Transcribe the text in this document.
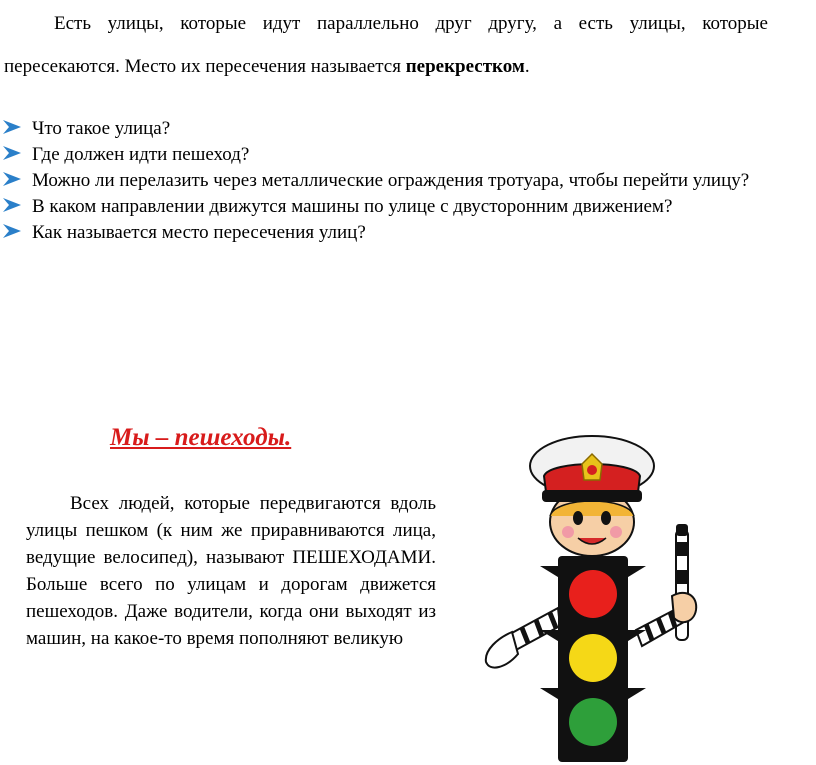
Есть улицы, которые идут параллельно друг другу, а есть улицы, которые пересекаются. Место их пересечения называется перекрестком.

Что такое улица?
Где должен идти пешеход?
Можно ли перелазить через металлические ограждения тротуара, чтобы перейти улицу?
В каком направлении движутся машины по улице с двусторонним движением?
Как называется место пересечения улиц?
Мы – пешеходы.

Всех людей, которые передвигаются вдоль улицы пешком (к ним же приравниваются лица, ведущие велосипед), называют ПЕШЕХОДАМИ. Больше всего по улицам и дорогам движется пешеходов. Даже водители, когда они выходят из машин, на какое-то время пополняют великую
